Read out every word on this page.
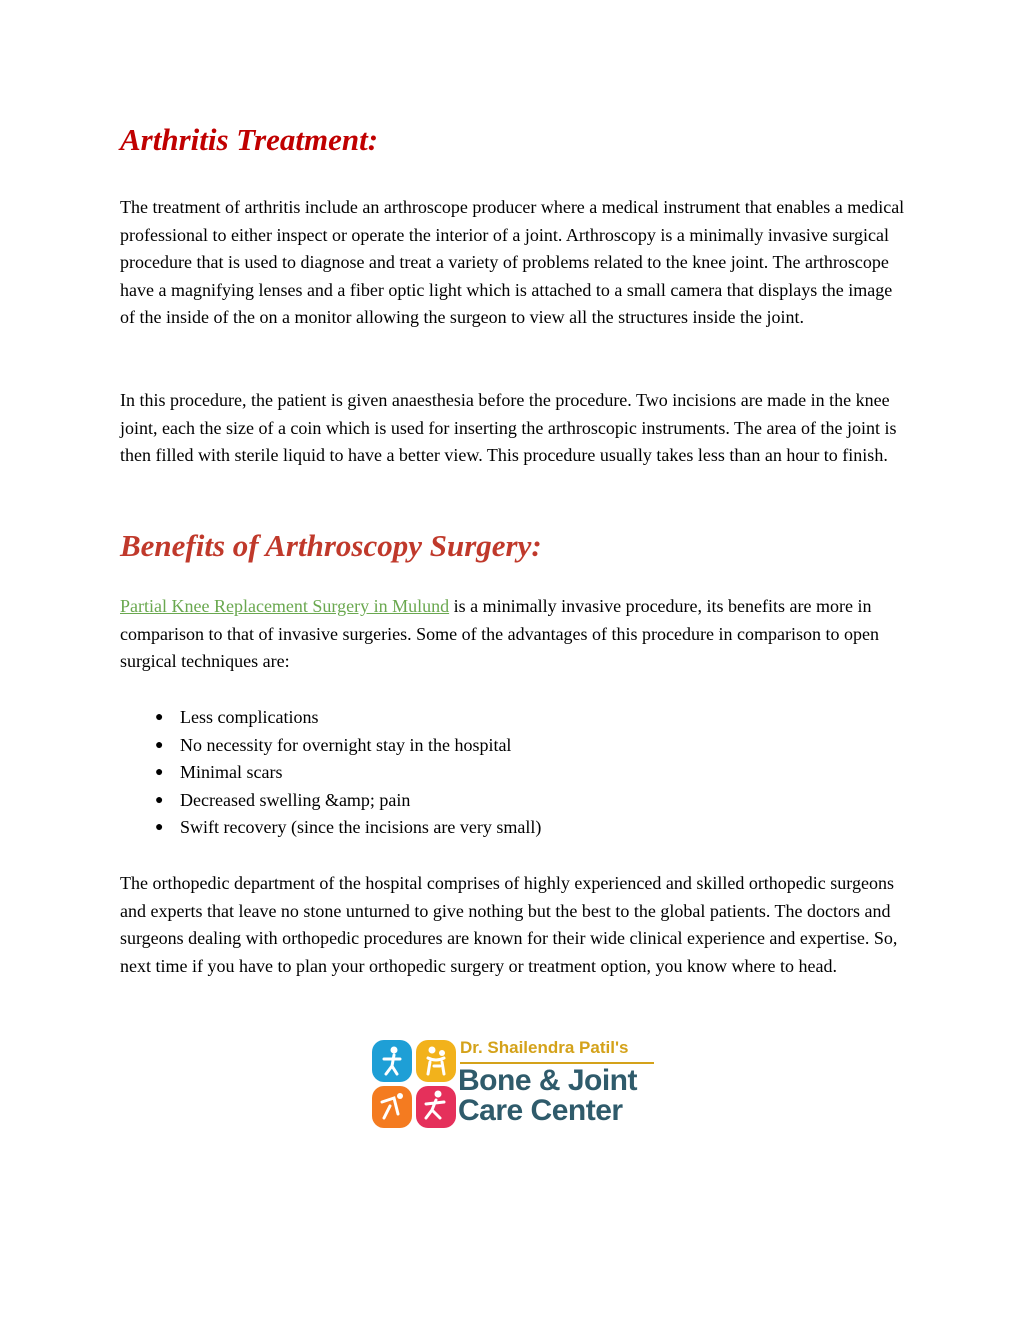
Arthritis Treatment:

The treatment of arthritis include an arthroscope producer where a medical instrument that enables a medical professional to either inspect or operate the interior of a joint. Arthroscopy is a minimally invasive surgical procedure that is used to diagnose and treat a variety of problems related to the knee joint. The arthroscope have a magnifying lenses and a fiber optic light which is attached to a small camera that displays the image of the inside of the on a monitor allowing the surgeon to view all the structures inside the joint.

In this procedure, the patient is given anaesthesia before the procedure. Two incisions are made in the knee joint, each the size of a coin which is used for inserting the arthroscopic instruments. The area of the joint is then filled with sterile liquid to have a better view. This procedure usually takes less than an hour to finish.

Benefits of Arthroscopy Surgery:

Partial Knee Replacement Surgery in Mulund is a minimally invasive procedure, its benefits are more in comparison to that of invasive surgeries. Some of the advantages of this procedure in comparison to open surgical techniques are:

● Less complications
● No necessity for overnight stay in the hospital
● Minimal scars
● Decreased swelling &amp; pain
● Swift recovery (since the incisions are very small)

The orthopedic department of the hospital comprises of highly experienced and skilled orthopedic surgeons and experts that leave no stone unturned to give nothing but the best to the global patients. The doctors and surgeons dealing with orthopedic procedures are known for their wide clinical experience and expertise. So, next time if you have to plan your orthopedic surgery or treatment option, you know where to head.

Dr. Shailendra Patil's
Bone & Joint
Care Center
